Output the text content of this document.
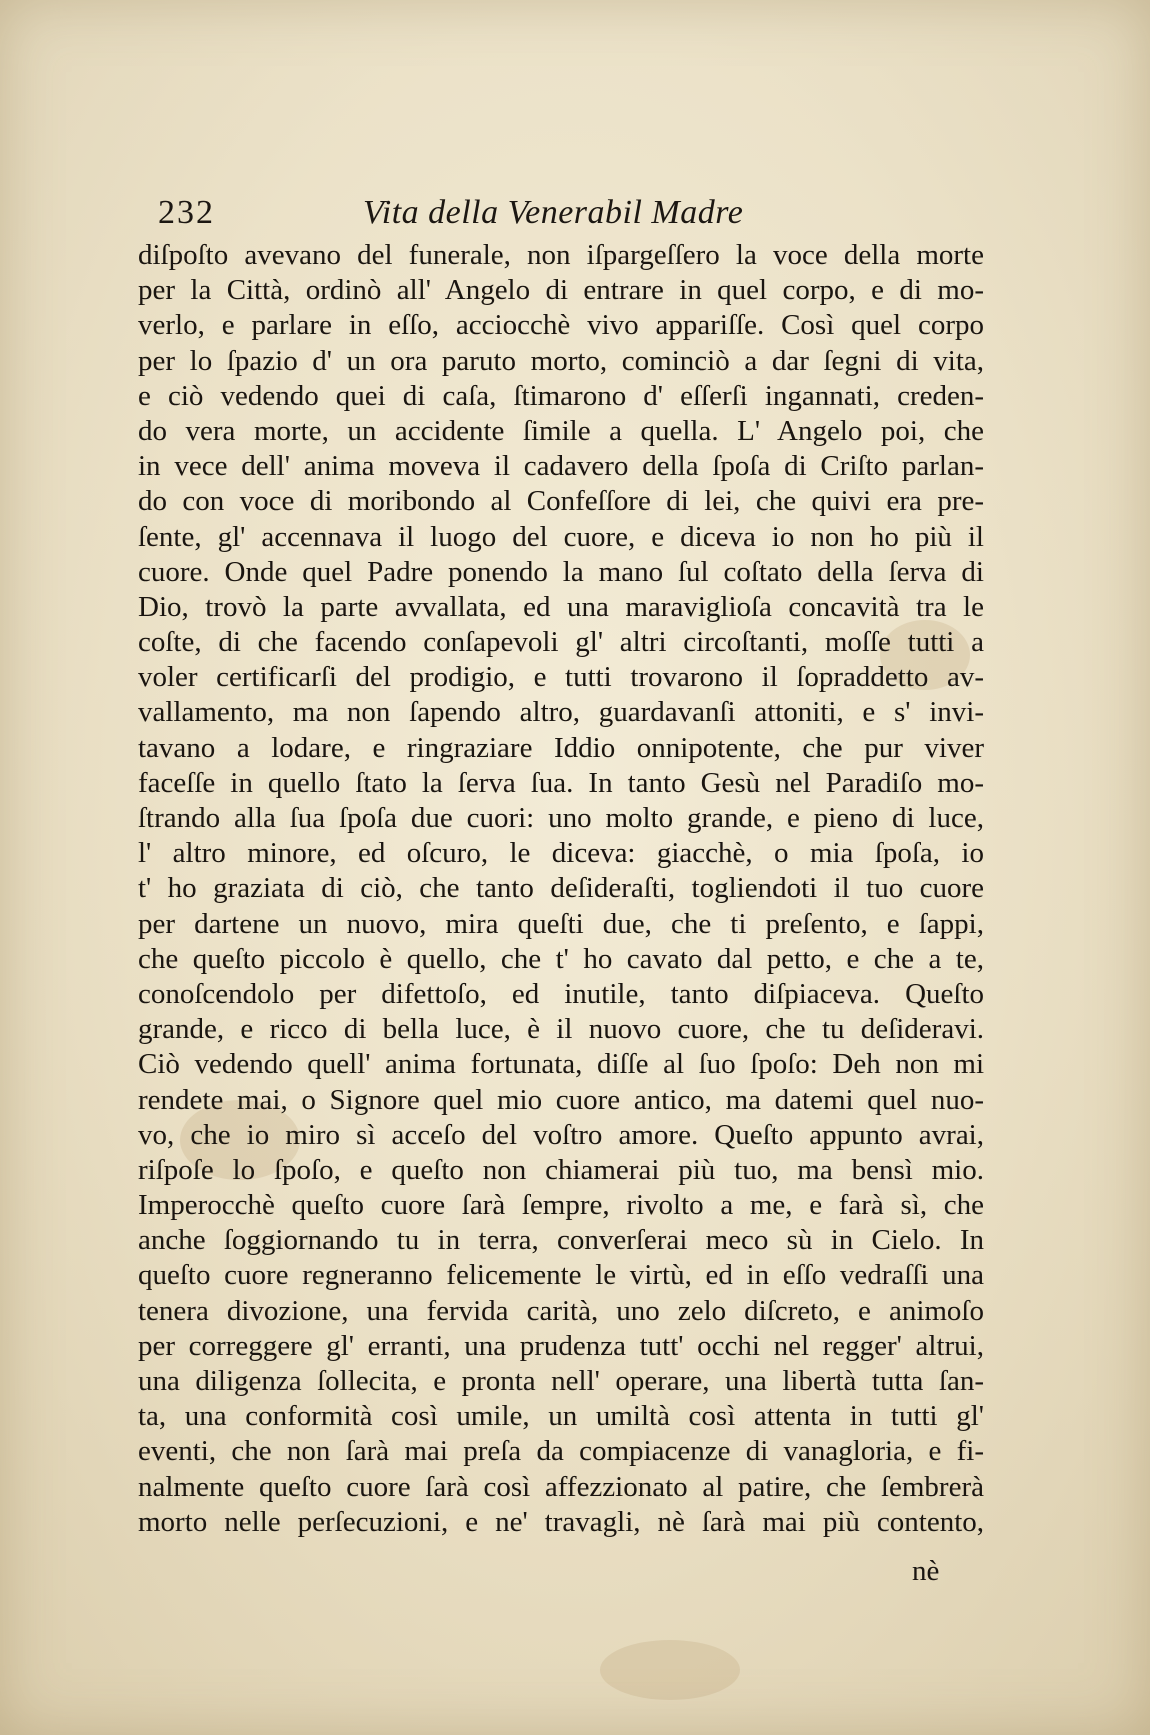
232	Vita della Venerabil Madre
diſpoſto avevano del funerale, non iſpargeſſero la voce della morte
per la Città, ordinò all' Angelo di entrare in quel corpo, e di mo-
verlo, e parlare in eſſo, acciocchè vivo appariſſe. Così quel corpo
per lo ſpazio d' un ora paruto morto, cominciò a dar ſegni di vita,
e ciò vedendo quei di caſa, ſtimarono d' eſſerſi ingannati, creden-
do vera morte, un accidente ſimile a quella. L' Angelo poi, che
in vece dell' anima moveva il cadavero della ſpoſa di Criſto parlan-
do con voce di moribondo al Confeſſore di lei, che quivi era pre-
ſente, gl' accennava il luogo del cuore, e diceva io non ho più il
cuore. Onde quel Padre ponendo la mano ſul coſtato della ſerva di
Dio, trovò la parte avvallata, ed una maraviglioſa concavità tra le
coſte, di che facendo conſapevoli gl' altri circoſtanti, moſſe tutti a
voler certificarſi del prodigio, e tutti trovarono il ſopraddetto av-
vallamento, ma non ſapendo altro, guardavanſi attoniti, e s' invi-
tavano a lodare, e ringraziare Iddio onnipotente, che pur viver
faceſſe in quello ſtato la ſerva ſua. In tanto Gesù nel Paradiſo mo-
ſtrando alla ſua ſpoſa due cuori: uno molto grande, e pieno di luce,
l' altro minore, ed oſcuro, le diceva: giacchè, o mia ſpoſa, io
t' ho graziata di ciò, che tanto deſideraſti, togliendoti il tuo cuore
per dartene un nuovo, mira queſti due, che ti preſento, e ſappi,
che queſto piccolo è quello, che t' ho cavato dal petto, e che a te,
conoſcendolo per difettoſo, ed inutile, tanto diſpiaceva. Queſto
grande, e ricco di bella luce, è il nuovo cuore, che tu deſideravi.
Ciò vedendo quell' anima fortunata, diſſe al ſuo ſpoſo: Deh non mi
rendete mai, o Signore quel mio cuore antico, ma datemi quel nuo-
vo, che io miro sì acceſo del voſtro amore. Queſto appunto avrai,
riſpoſe lo ſpoſo, e queſto non chiamerai più tuo, ma bensì mio.
Imperocchè queſto cuore ſarà ſempre, rivolto a me, e farà sì, che
anche ſoggiornando tu in terra, converſerai meco sù in Cielo. In
queſto cuore regneranno felicemente le virtù, ed in eſſo vedraſſi una
tenera divozione, una fervida carità, uno zelo diſcreto, e animoſo
per correggere gl' erranti, una prudenza tutt' occhi nel regger' altrui,
una diligenza ſollecita, e pronta nell' operare, una libertà tutta ſan-
ta, una conformità così umile, un umiltà così attenta in tutti gl'
eventi, che non ſarà mai preſa da compiacenze di vanagloria, e fi-
nalmente queſto cuore ſarà così affezzionato al patire, che ſembrerà
morto nelle perſecuzioni, e ne' travagli, nè ſarà mai più contento,
nè
